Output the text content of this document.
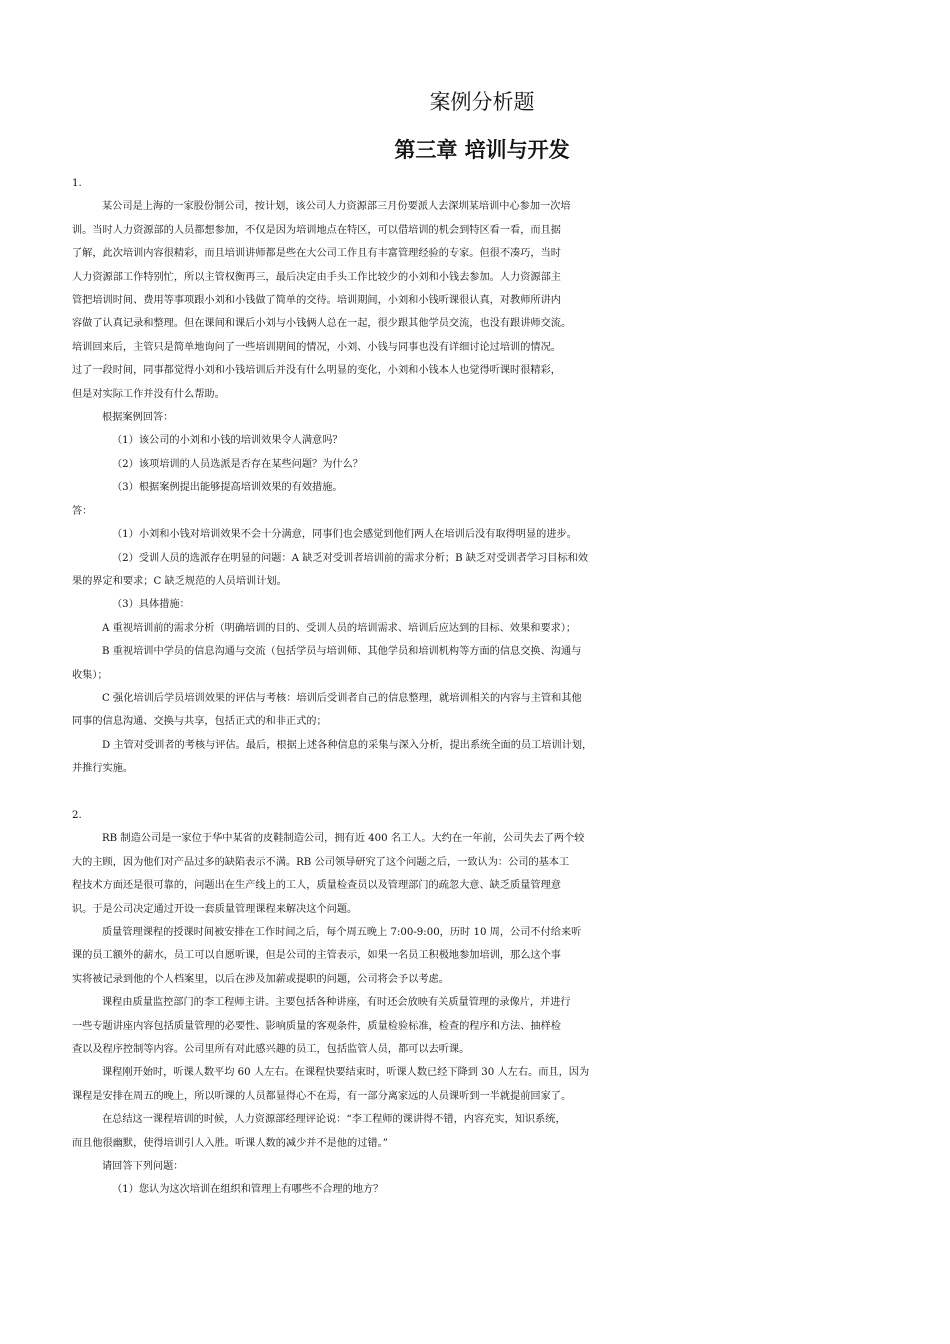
案例分析题
第三章 培训与开发

1.

某公司是上海的一家股份制公司，按计划，该公司人力资源部三月份要派人去深圳某培训中心参加一次培

训。当时人力资源部的人员都想参加，不仅是因为培训地点在特区，可以借培训的机会到特区看一看，而且据

了解，此次培训内容很精彩，而且培训讲师都是些在大公司工作且有丰富管理经验的专家。但很不凑巧，当时

人力资源部工作特别忙，所以主管权衡再三，最后决定由手头工作比较少的小刘和小钱去参加。人力资源部主

管把培训时间、费用等事项跟小刘和小钱做了简单的交待。培训期间，小刘和小钱听课很认真，对教师所讲内

容做了认真记录和整理。但在课间和课后小刘与小钱俩人总在一起，很少跟其他学员交流，也没有跟讲师交流。

培训回来后，主管只是简单地询问了一些培训期间的情况，小刘、小钱与同事也没有详细讨论过培训的情况。

过了一段时间，同事都觉得小刘和小钱培训后并没有什么明显的变化，小刘和小钱本人也觉得听课时很精彩，

但是对实际工作并没有什么帮助。

根据案例回答：

（1）该公司的小刘和小钱的培训效果令人满意吗？

（2）该项培训的人员选派是否存在某些问题？为什么？

（3）根据案例提出能够提高培训效果的有效措施。

答：

（1）小刘和小钱对培训效果不会十分满意，同事们也会感觉到他们两人在培训后没有取得明显的进步。

（2）受训人员的选派存在明显的问题：A 缺乏对受训者培训前的需求分析；B 缺乏对受训者学习目标和效

果的界定和要求；C 缺乏规范的人员培训计划。

（3）具体措施：

A 重视培训前的需求分析（明确培训的目的、受训人员的培训需求、培训后应达到的目标、效果和要求）；

B 重视培训中学员的信息沟通与交流（包括学员与培训师、其他学员和培训机构等方面的信息交换、沟通与

收集）；

C 强化培训后学员培训效果的评估与考核：培训后受训者自己的信息整理，就培训相关的内容与主管和其他

同事的信息沟通、交换与共享，包括正式的和非正式的；

D 主管对受训者的考核与评估。最后，根据上述各种信息的采集与深入分析，提出系统全面的员工培训计划，

并推行实施。

2.

RB 制造公司是一家位于华中某省的皮鞋制造公司，拥有近 400 名工人。大约在一年前，公司失去了两个较

大的主顾，因为他们对产品过多的缺陷表示不满。RB 公司领导研究了这个问题之后，一致认为：公司的基本工

程技术方面还是很可靠的，问题出在生产线上的工人，质量检查员以及管理部门的疏忽大意、缺乏质量管理意

识。于是公司决定通过开设一套质量管理课程来解决这个问题。

质量管理课程的授课时间被安排在工作时间之后，每个周五晚上 7:00-9:00，历时 10 周，公司不付给来听

课的员工额外的薪水，员工可以自愿听课，但是公司的主管表示，如果一名员工积极地参加培训，那么这个事

实将被记录到他的个人档案里，以后在涉及加薪或提职的问题，公司将会予以考虑。

课程由质量监控部门的李工程师主讲。主要包括各种讲座，有时还会放映有关质量管理的录像片，并进行

一些专题讲座内容包括质量管理的必要性、影响质量的客观条件，质量检验标准，检查的程序和方法、抽样检

查以及程序控制等内容。公司里所有对此感兴趣的员工，包括监管人员，都可以去听课。

课程刚开始时，听课人数平均 60 人左右。在课程快要结束时，听课人数已经下降到 30 人左右。而且，因为

课程是安排在周五的晚上，所以听课的人员都显得心不在焉，有一部分离家远的人员课听到一半就提前回家了。

在总结这一课程培训的时候，人力资源部经理评论说：“李工程师的课讲得不错，内容充实，知识系统，

而且他很幽默，使得培训引人入胜。听课人数的减少并不是他的过错。”

请回答下列问题：

（1）您认为这次培训在组织和管理上有哪些不合理的地方？
